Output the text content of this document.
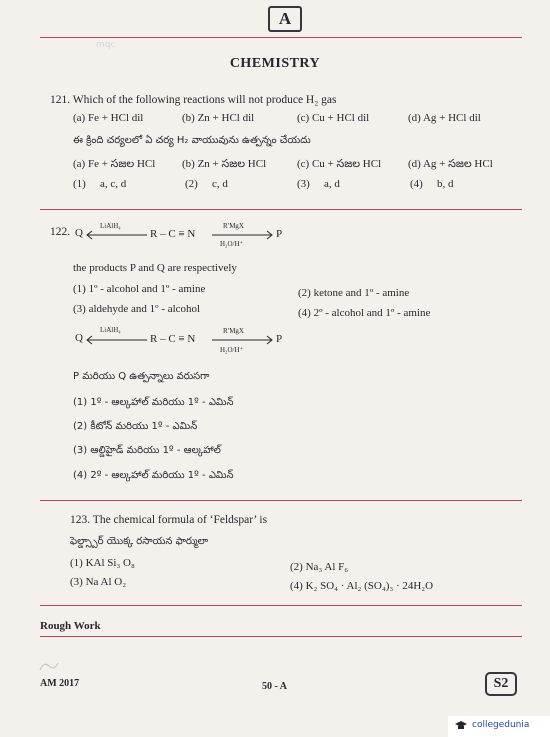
A
mqc
CHEMISTRY
121. Which of the following reactions will not produce H₂ gas
(a) Fe + HCl dil	(b) Zn + HCl dil	(c) Cu + HCl dil	(d) Ag + HCl dil
ఈ క్రింది చర్యలలో ఏ చర్య H₂ వాయువును ఉత్పన్నం చేయదు
(a) Fe + సజల HCl (b) Zn + సజల HCl	(c) Cu + సజల HCl (d) Ag + సజల HCl
(1) a, c, d	(2) c, d	(3) a, d	(4) b, d
122. Q
LiAlH₄
R – C ≡ N
R′MgX
H₂O/H⁺
P
the products P and Q are respectively
(1) 1º - alcohol and 1º - amine	(2) ketone and 1º - amine
(3) aldehyde and 1º - alcohol	(4) 2º - alcohol and 1º - amine
Q
LiAlH₄
R – C ≡ N
R′MgX
H₂O/H⁺
P
P మరియు Q ఉత్పన్నాలు వరుసగా
(1) 1º - ఆల్కహాల్ మరియు 1º - ఎమిన్
(2) కీటోన్ మరియు 1º - ఎమిన్
(3) ఆల్డిహైడ్ మరియు 1º - ఆల్కహాల్
(4) 2º - ఆల్కహాల్ మరియు 1º - ఎమిన్
123. The chemical formula of ‘Feldspar’ is
ఫెల్డ్స్పార్ యొక్క రసాయన ఫార్ములా
(1) KAl Si₃ O₈	(2) Na₃ Al F₆
(3) Na Al O₂	(4) K₂ SO₄ · Al₂ (SO₄)₃ · 24H₂O
Rough Work
AM 2017	50 - A	S2
collegedunia
